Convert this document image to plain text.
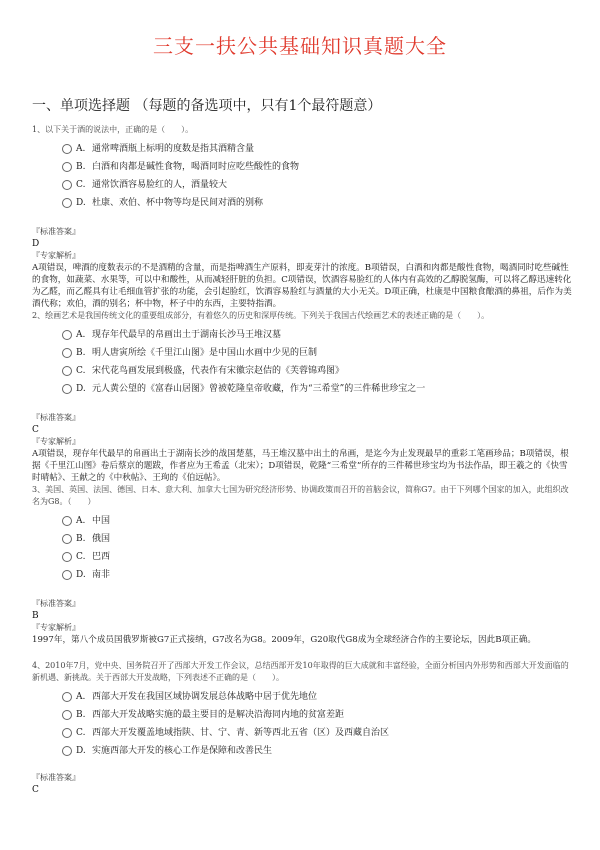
三支一扶公共基础知识真题大全
一、单项选择题 （每题的备选项中，只有1个最符题意）
1、以下关于酒的说法中，正确的是（　　）。
A. 通常啤酒瓶上标明的度数是指其酒精含量
B. 白酒和肉都是碱性食物，喝酒同时应吃些酸性的食物
C. 通常饮酒容易脸红的人，酒量较大
D. 杜康、欢伯、杯中物等均是民间对酒的别称
『标准答案』
D
『专家解析』
A项错误，啤酒的度数表示的不是酒精的含量，而是指啤酒生产原料，即麦芽汁的浓度。B项错误，白酒和肉都是酸性食物，喝酒同时吃些碱性的食物，如蔬菜、水果等，可以中和酸性，从而减轻肝脏的负担。C项错误，饮酒容易脸红的人体内有高效的乙醇脱氢酶，可以将乙醇迅速转化为乙醛，而乙醛具有让毛细血管扩张的功能，会引起脸红，饮酒容易脸红与酒量的大小无关。D项正确，杜康是中国粮食酿酒的鼻祖，后作为美酒代称；欢伯，酒的别名；杯中物，杯子中的东西，主要特指酒。
2、绘画艺术是我国传统文化的重要组成部分，有着悠久的历史和深厚传统。下列关于我国古代绘画艺术的表述正确的是（　　）。
A. 现存年代最早的帛画出土于湖南长沙马王堆汉墓
B. 明人唐寅所绘《千里江山图》是中国山水画中少见的巨制
C. 宋代花鸟画发展到极盛，代表作有宋徽宗赵佶的《芙蓉锦鸡图》
D. 元人黄公望的《富春山居图》曾被乾隆皇帝收藏，作为“三希堂”的三件稀世珍宝之一
『标准答案』
C
『专家解析』
A项错误，现存年代最早的帛画出土于湖南长沙的战国楚墓，马王堆汉墓中出土的帛画，是迄今为止发现最早的重彩工笔画珍品；B项错误，根据《千里江山图》卷后蔡京的题跋，作者应为王希孟（北宋）；D项错误，乾隆“三希堂”所存的三件稀世珍宝均为书法作品，即王羲之的《快雪时晴帖》、王献之的《中秋帖》、王珣的《伯远帖》。
3、美国、英国、法国、德国、日本、意大利、加拿大七国为研究经济形势、协调政策而召开的首脑会议，简称G7。由于下列哪个国家的加入，此组织改名为G8。（　　）
A. 中国
B. 俄国
C. 巴西
D. 南非
『标准答案』
B
『专家解析』
1997年，第八个成员国俄罗斯被G7正式接纳，G7改名为G8。2009年，G20取代G8成为全球经济合作的主要论坛，因此B项正确。
4、2010年7月，党中央、国务院召开了西部大开发工作会议，总结西部开发10年取得的巨大成就和丰富经验，全面分析国内外形势和西部大开发面临的新机遇、新挑战。关于西部大开发战略，下列表述不正确的是（　　）。
A. 西部大开发在我国区域协调发展总体战略中居于优先地位
B. 西部大开发战略实施的最主要目的是解决沿海同内地的贫富差距
C. 西部大开发覆盖地域指陕、甘、宁、青、新等西北五省（区）及西藏自治区
D. 实施西部大开发的核心工作是保障和改善民生
『标准答案』
C
